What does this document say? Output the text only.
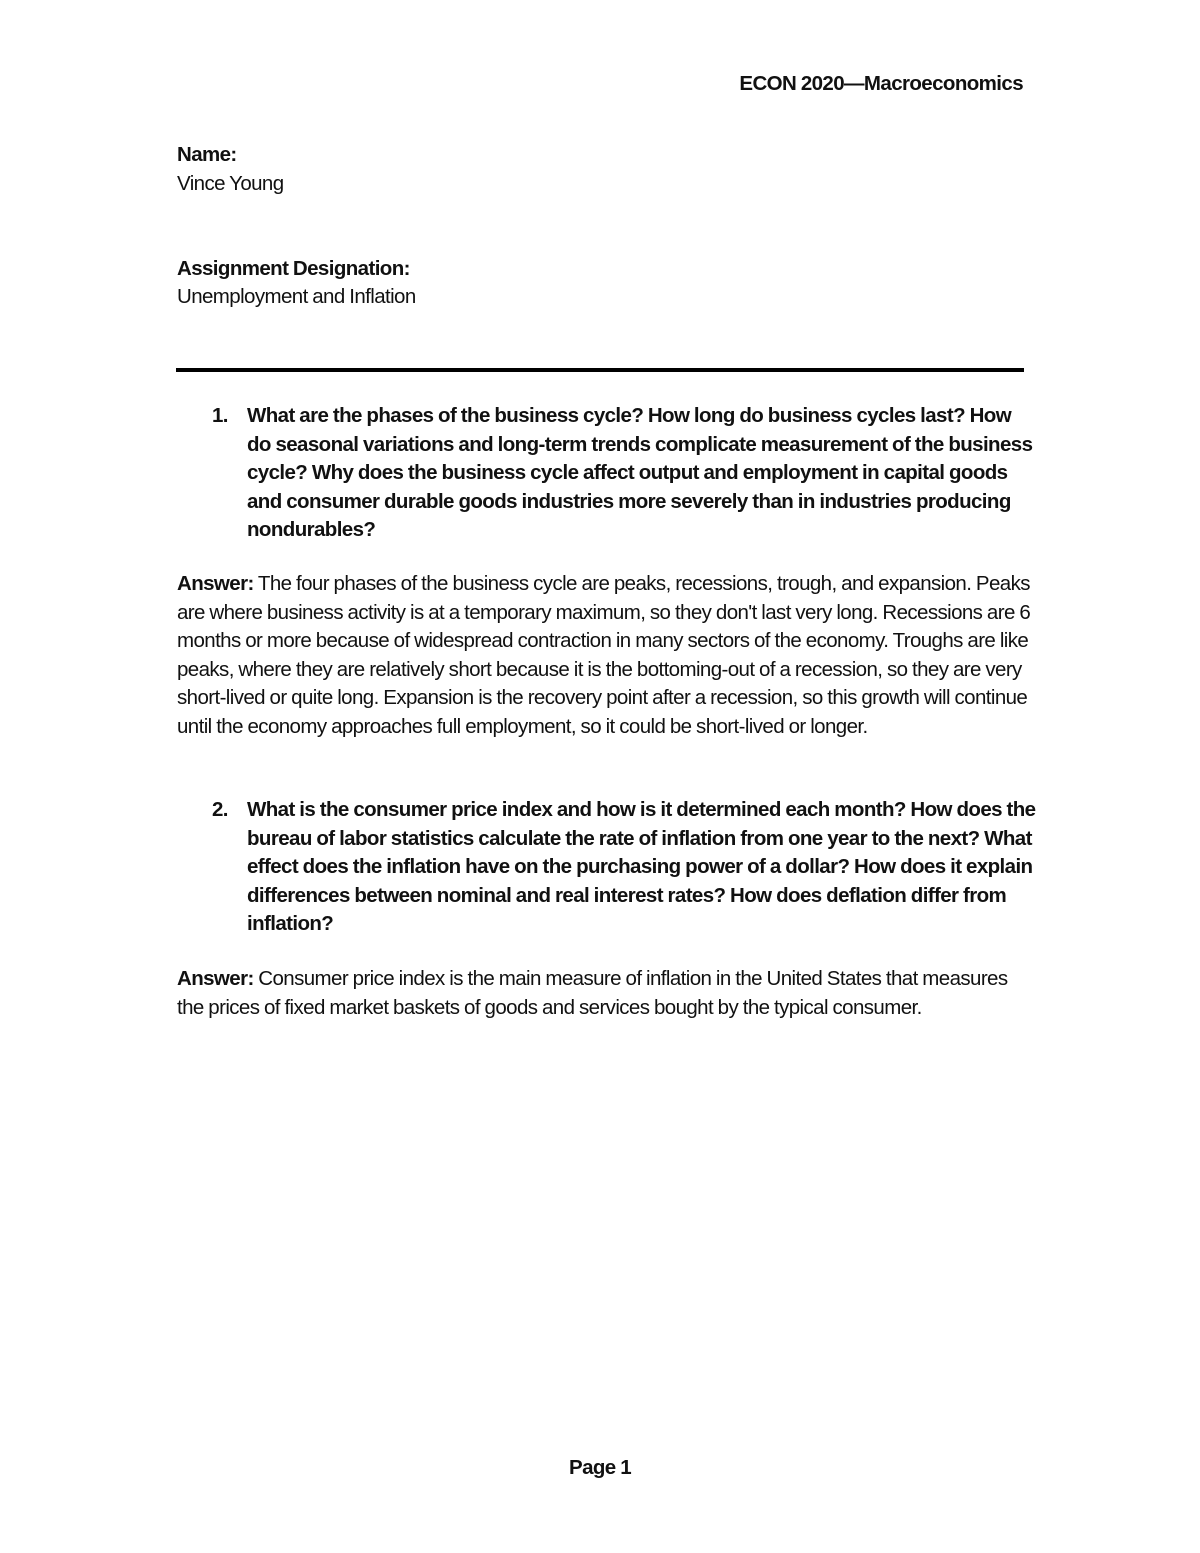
ECON 2020—Macroeconomics
Name:
Vince Young
Assignment Designation:
Unemployment and Inflation
1. What are the phases of the business cycle? How long do business cycles last? How do seasonal variations and long-term trends complicate measurement of the business cycle? Why does the business cycle affect output and employment in capital goods and consumer durable goods industries more severely than in industries producing nondurables?
Answer: The four phases of the business cycle are peaks, recessions, trough, and expansion. Peaks are where business activity is at a temporary maximum, so they don't last very long. Recessions are 6 months or more because of widespread contraction in many sectors of the economy. Troughs are like peaks, where they are relatively short because it is the bottoming-out of a recession, so they are very short-lived or quite long. Expansion is the recovery point after a recession, so this growth will continue until the economy approaches full employment, so it could be short-lived or longer.
2. What is the consumer price index and how is it determined each month? How does the bureau of labor statistics calculate the rate of inflation from one year to the next? What effect does the inflation have on the purchasing power of a dollar? How does it explain differences between nominal and real interest rates? How does deflation differ from inflation?
Answer: Consumer price index is the main measure of inflation in the United States that measures the prices of fixed market baskets of goods and services bought by the typical consumer.
Page 1
